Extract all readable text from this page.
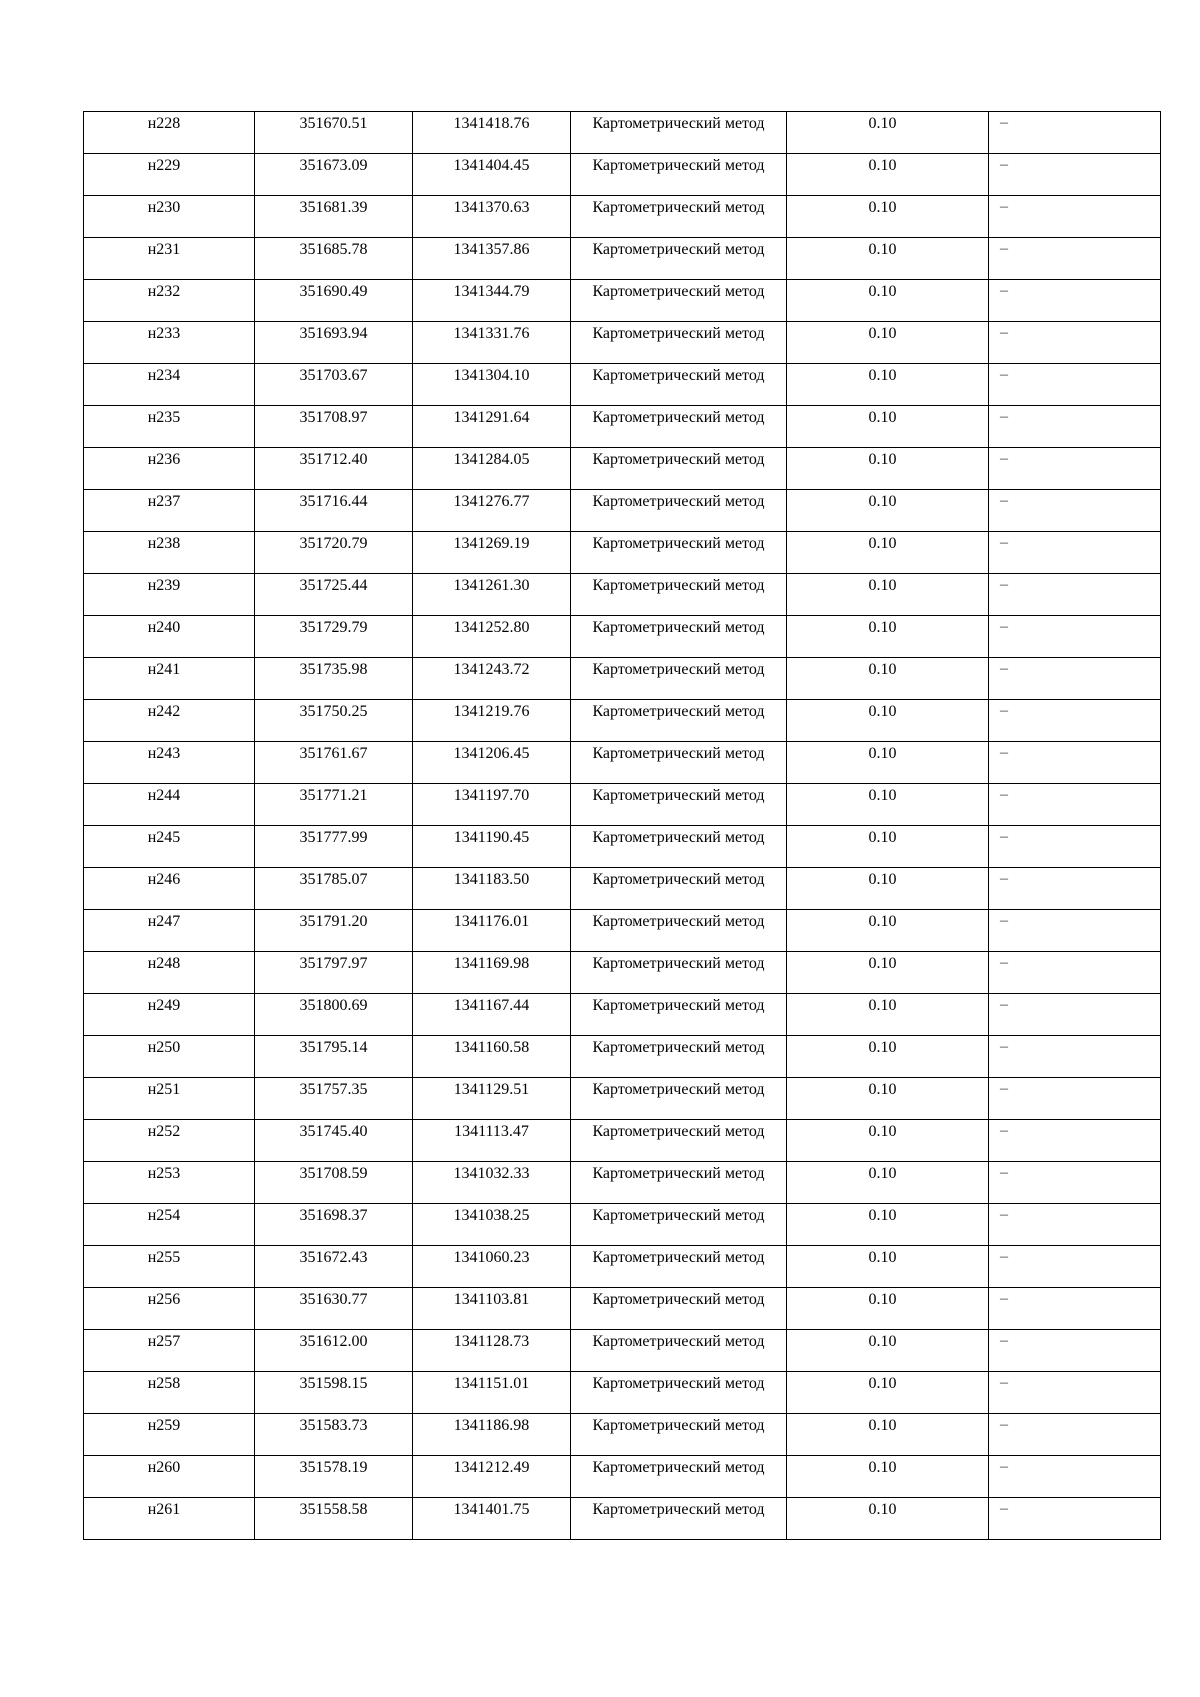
н228	351670.51	1341418.76	Картометрический метод	0.10	–
н229	351673.09	1341404.45	Картометрический метод	0.10	–
н230	351681.39	1341370.63	Картометрический метод	0.10	–
н231	351685.78	1341357.86	Картометрический метод	0.10	–
н232	351690.49	1341344.79	Картометрический метод	0.10	–
н233	351693.94	1341331.76	Картометрический метод	0.10	–
н234	351703.67	1341304.10	Картометрический метод	0.10	–
н235	351708.97	1341291.64	Картометрический метод	0.10	–
н236	351712.40	1341284.05	Картометрический метод	0.10	–
н237	351716.44	1341276.77	Картометрический метод	0.10	–
н238	351720.79	1341269.19	Картометрический метод	0.10	–
н239	351725.44	1341261.30	Картометрический метод	0.10	–
н240	351729.79	1341252.80	Картометрический метод	0.10	–
н241	351735.98	1341243.72	Картометрический метод	0.10	–
н242	351750.25	1341219.76	Картометрический метод	0.10	–
н243	351761.67	1341206.45	Картометрический метод	0.10	–
н244	351771.21	1341197.70	Картометрический метод	0.10	–
н245	351777.99	1341190.45	Картометрический метод	0.10	–
н246	351785.07	1341183.50	Картометрический метод	0.10	–
н247	351791.20	1341176.01	Картометрический метод	0.10	–
н248	351797.97	1341169.98	Картометрический метод	0.10	–
н249	351800.69	1341167.44	Картометрический метод	0.10	–
н250	351795.14	1341160.58	Картометрический метод	0.10	–
н251	351757.35	1341129.51	Картометрический метод	0.10	–
н252	351745.40	1341113.47	Картометрический метод	0.10	–
н253	351708.59	1341032.33	Картометрический метод	0.10	–
н254	351698.37	1341038.25	Картометрический метод	0.10	–
н255	351672.43	1341060.23	Картометрический метод	0.10	–
н256	351630.77	1341103.81	Картометрический метод	0.10	–
н257	351612.00	1341128.73	Картометрический метод	0.10	–
н258	351598.15	1341151.01	Картометрический метод	0.10	–
н259	351583.73	1341186.98	Картометрический метод	0.10	–
н260	351578.19	1341212.49	Картометрический метод	0.10	–
н261	351558.58	1341401.75	Картометрический метод	0.10	–
